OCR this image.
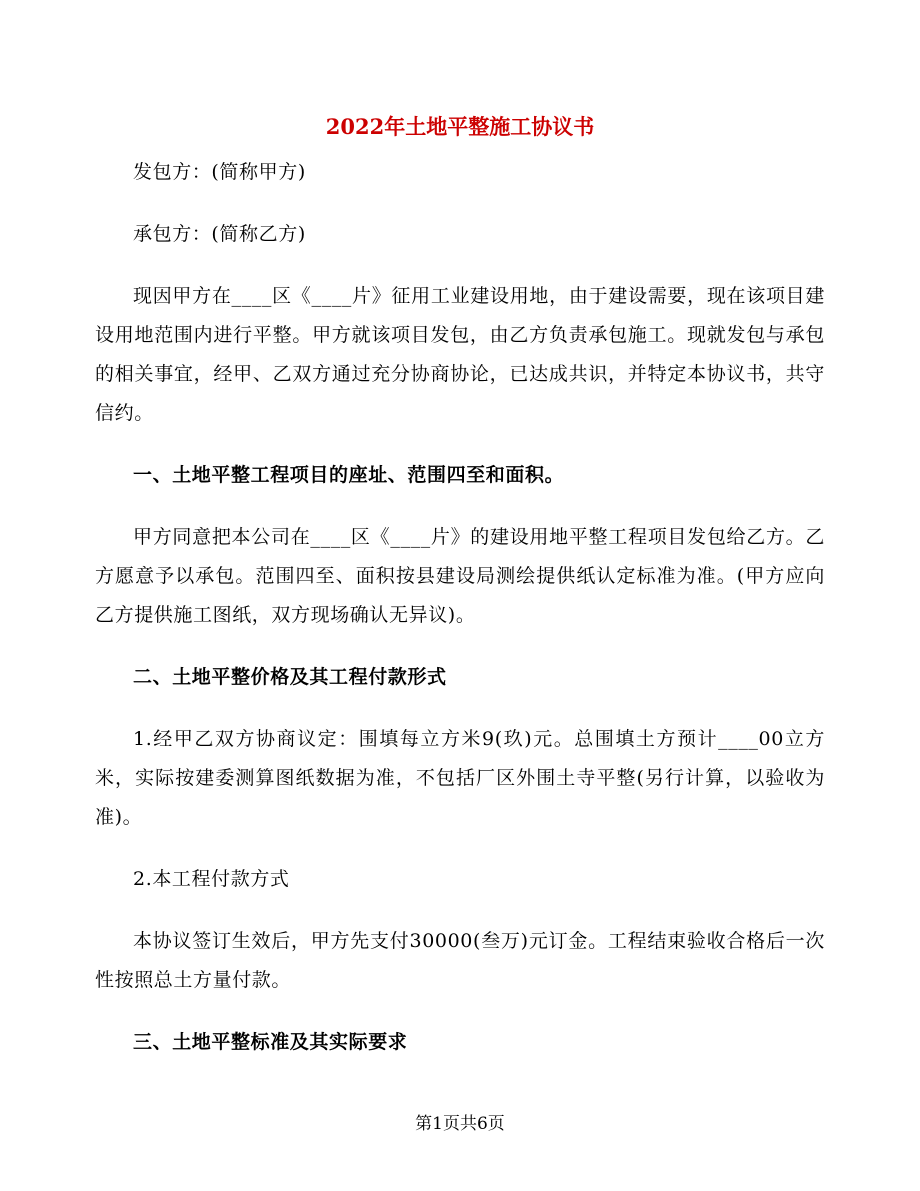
2022年土地平整施工协议书
发包方：(简称甲方)
承包方：(简称乙方)
现因甲方在____区《____片》征用工业建设用地，由于建设需要，现在该项目建设用地范围内进行平整。甲方就该项目发包，由乙方负责承包施工。现就发包与承包的相关事宜，经甲、乙双方通过充分协商协论，已达成共识，并特定本协议书，共守信约。
一、土地平整工程项目的座址、范围四至和面积。
甲方同意把本公司在____区《____片》的建设用地平整工程项目发包给乙方。乙方愿意予以承包。范围四至、面积按县建设局测绘提供纸认定标准为准。(甲方应向乙方提供施工图纸，双方现场确认无异议)。
二、土地平整价格及其工程付款形式
1.经甲乙双方协商议定：围填每立方米9(玖)元。总围填土方预计____00立方米，实际按建委测算图纸数据为准，不包括厂区外围土寺平整(另行计算，以验收为准)。
2.本工程付款方式
本协议签订生效后，甲方先支付30000(叁万)元订金。工程结束验收合格后一次性按照总土方量付款。
三、土地平整标准及其实际要求
第1页共6页
